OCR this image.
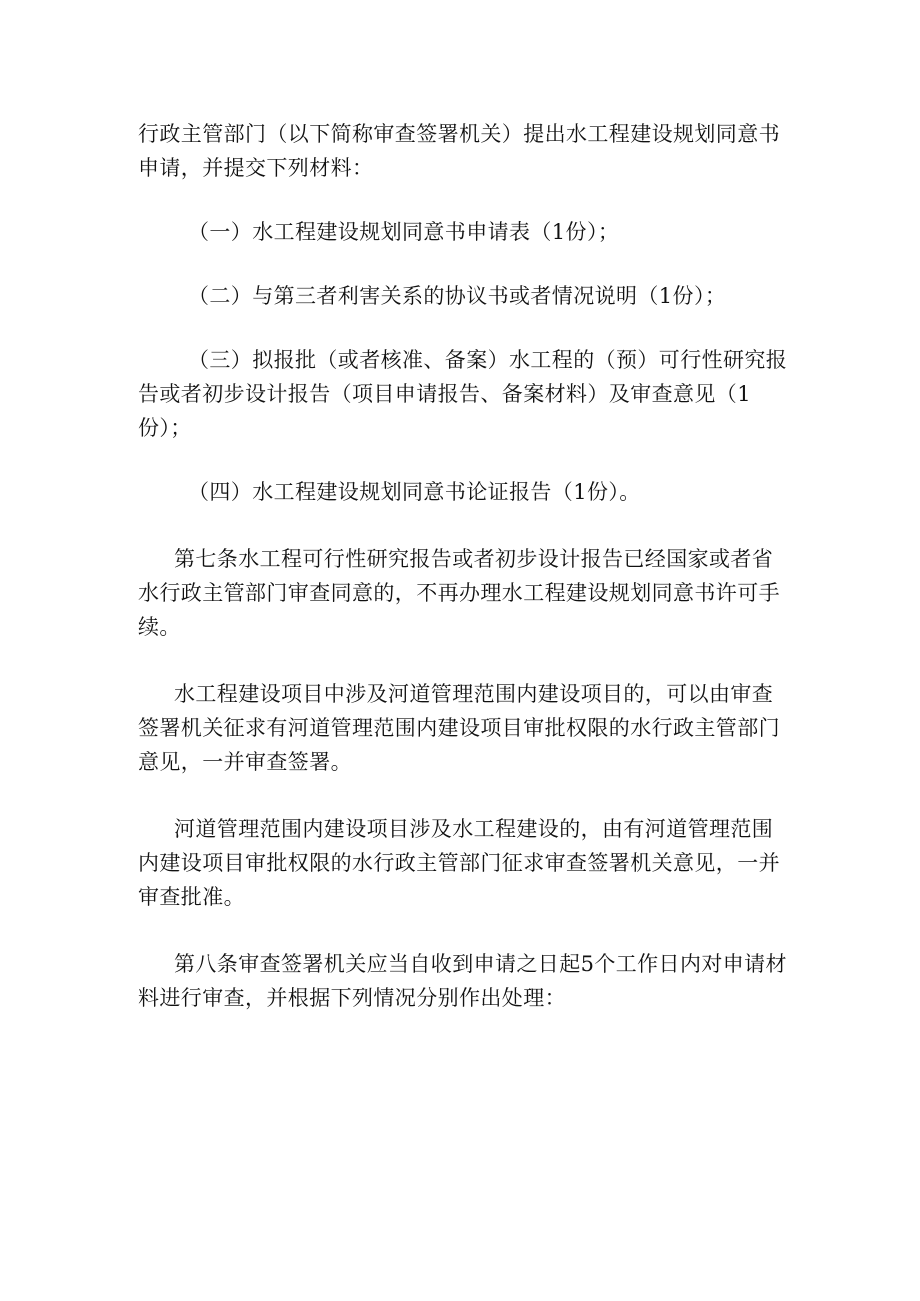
行政主管部门（以下简称审查签署机关）提出水工程建设规划同意书申请，并提交下列材料：

（一）水工程建设规划同意书申请表（1份）；

（二）与第三者利害关系的协议书或者情况说明（1份）；

（三）拟报批（或者核准、备案）水工程的（预）可行性研究报告或者初步设计报告（项目申请报告、备案材料）及审查意见（1份）；

（四）水工程建设规划同意书论证报告（1份）。

第七条水工程可行性研究报告或者初步设计报告已经国家或者省水行政主管部门审查同意的，不再办理水工程建设规划同意书许可手续。

水工程建设项目中涉及河道管理范围内建设项目的，可以由审查签署机关征求有河道管理范围内建设项目审批权限的水行政主管部门意见，一并审查签署。

河道管理范围内建设项目涉及水工程建设的，由有河道管理范围内建设项目审批权限的水行政主管部门征求审查签署机关意见，一并审查批准。

第八条审查签署机关应当自收到申请之日起5个工作日内对申请材料进行审查，并根据下列情况分别作出处理：
